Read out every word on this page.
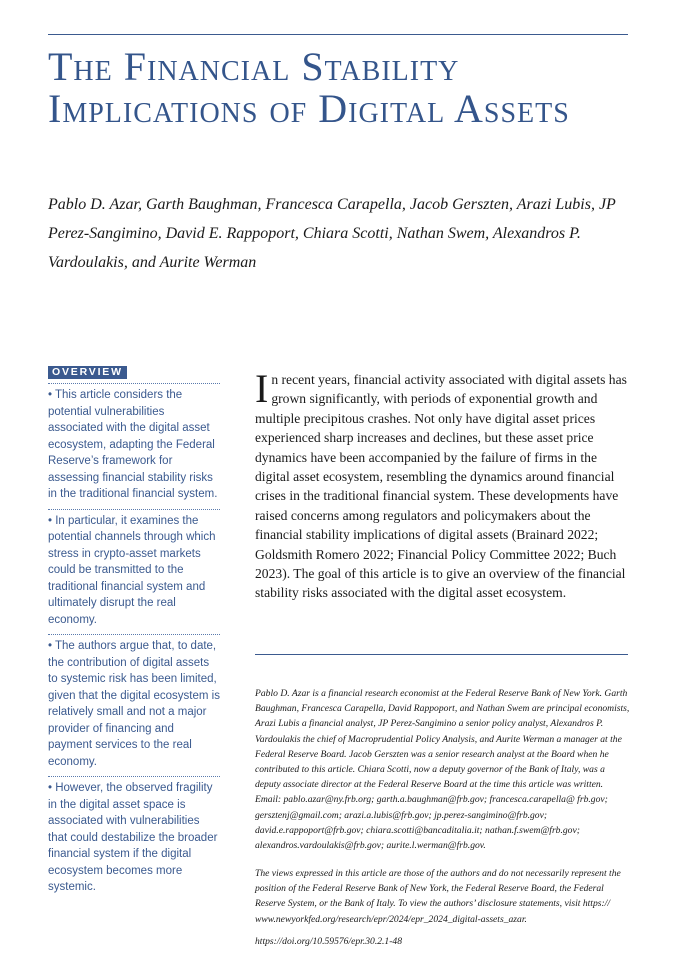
The Financial Stability Implications of Digital Assets
Pablo D. Azar, Garth Baughman, Francesca Carapella, Jacob Gerszten, Arazi Lubis, JP Perez-Sangimino, David E. Rappoport, Chiara Scotti, Nathan Swem, Alexandros P. Vardoulakis, and Aurite Werman
OVERVIEW
• This article considers the potential vulnerabilities associated with the digital asset ecosystem, adapting the Federal Reserve’s framework for assessing financial stability risks in the traditional financial system.
• In particular, it examines the potential channels through which stress in crypto-asset markets could be transmitted to the traditional financial system and ultimately disrupt the real economy.
• The authors argue that, to date, the contribution of digital assets to systemic risk has been limited, given that the digital ecosystem is relatively small and not a major provider of financing and payment services to the real economy.
• However, the observed fragility in the digital asset space is associated with vulnerabilities that could destabilize the broader financial system if the digital ecosystem becomes more systemic.
In recent years, financial activity associated with digital assets has grown significantly, with periods of exponential growth and multiple precipitous crashes. Not only have digital asset prices experienced sharp increases and declines, but these asset price dynamics have been accompanied by the failure of firms in the digital asset ecosystem, resembling the dynamics around financial crises in the traditional financial system. These developments have raised concerns among regulators and policymakers about the financial stability implications of digital assets (Brainard 2022; Goldsmith Romero 2022; Financial Policy Committee 2022; Buch 2023). The goal of this article is to give an overview of the financial stability risks associated with the digital asset ecosystem.
Pablo D. Azar is a financial research economist at the Federal Reserve Bank of New York. Garth Baughman, Francesca Carapella, David Rappoport, and Nathan Swem are principal economists, Arazi Lubis a financial analyst, JP Perez-Sangimino a senior policy analyst, Alexandros P. Vardoulakis the chief of Macroprudential Policy Analysis, and Aurite Werman a manager at the Federal Reserve Board. Jacob Gerszten was a senior research analyst at the Board when he contributed to this article. Chiara Scotti, now a deputy governor of the Bank of Italy, was a deputy associate director at the Federal Reserve Board at the time this article was written. Email: pablo.azar@ny.frb.org; garth.a.baughman@frb.gov; francesca.carapella@ frb.gov; gersztenj@gmail.com; arazi.a.lubis@frb.gov; jp.perez-sangimino@frb.gov; david.e.rappoport@frb.gov; chiara.scotti@bancaditalia.it; nathan.f.swem@frb.gov; alexandros.vardoulakis@frb.gov; aurite.l.werman@frb.gov.
The views expressed in this article are those of the authors and do not necessarily represent the position of the Federal Reserve Bank of New York, the Federal Reserve Board, the Federal Reserve System, or the Bank of Italy. To view the authors’ disclosure statements, visit https:// www.newyorkfed.org/research/epr/2024/epr_2024_digital-assets_azar.
https://doi.org/10.59576/epr.30.2.1-48
